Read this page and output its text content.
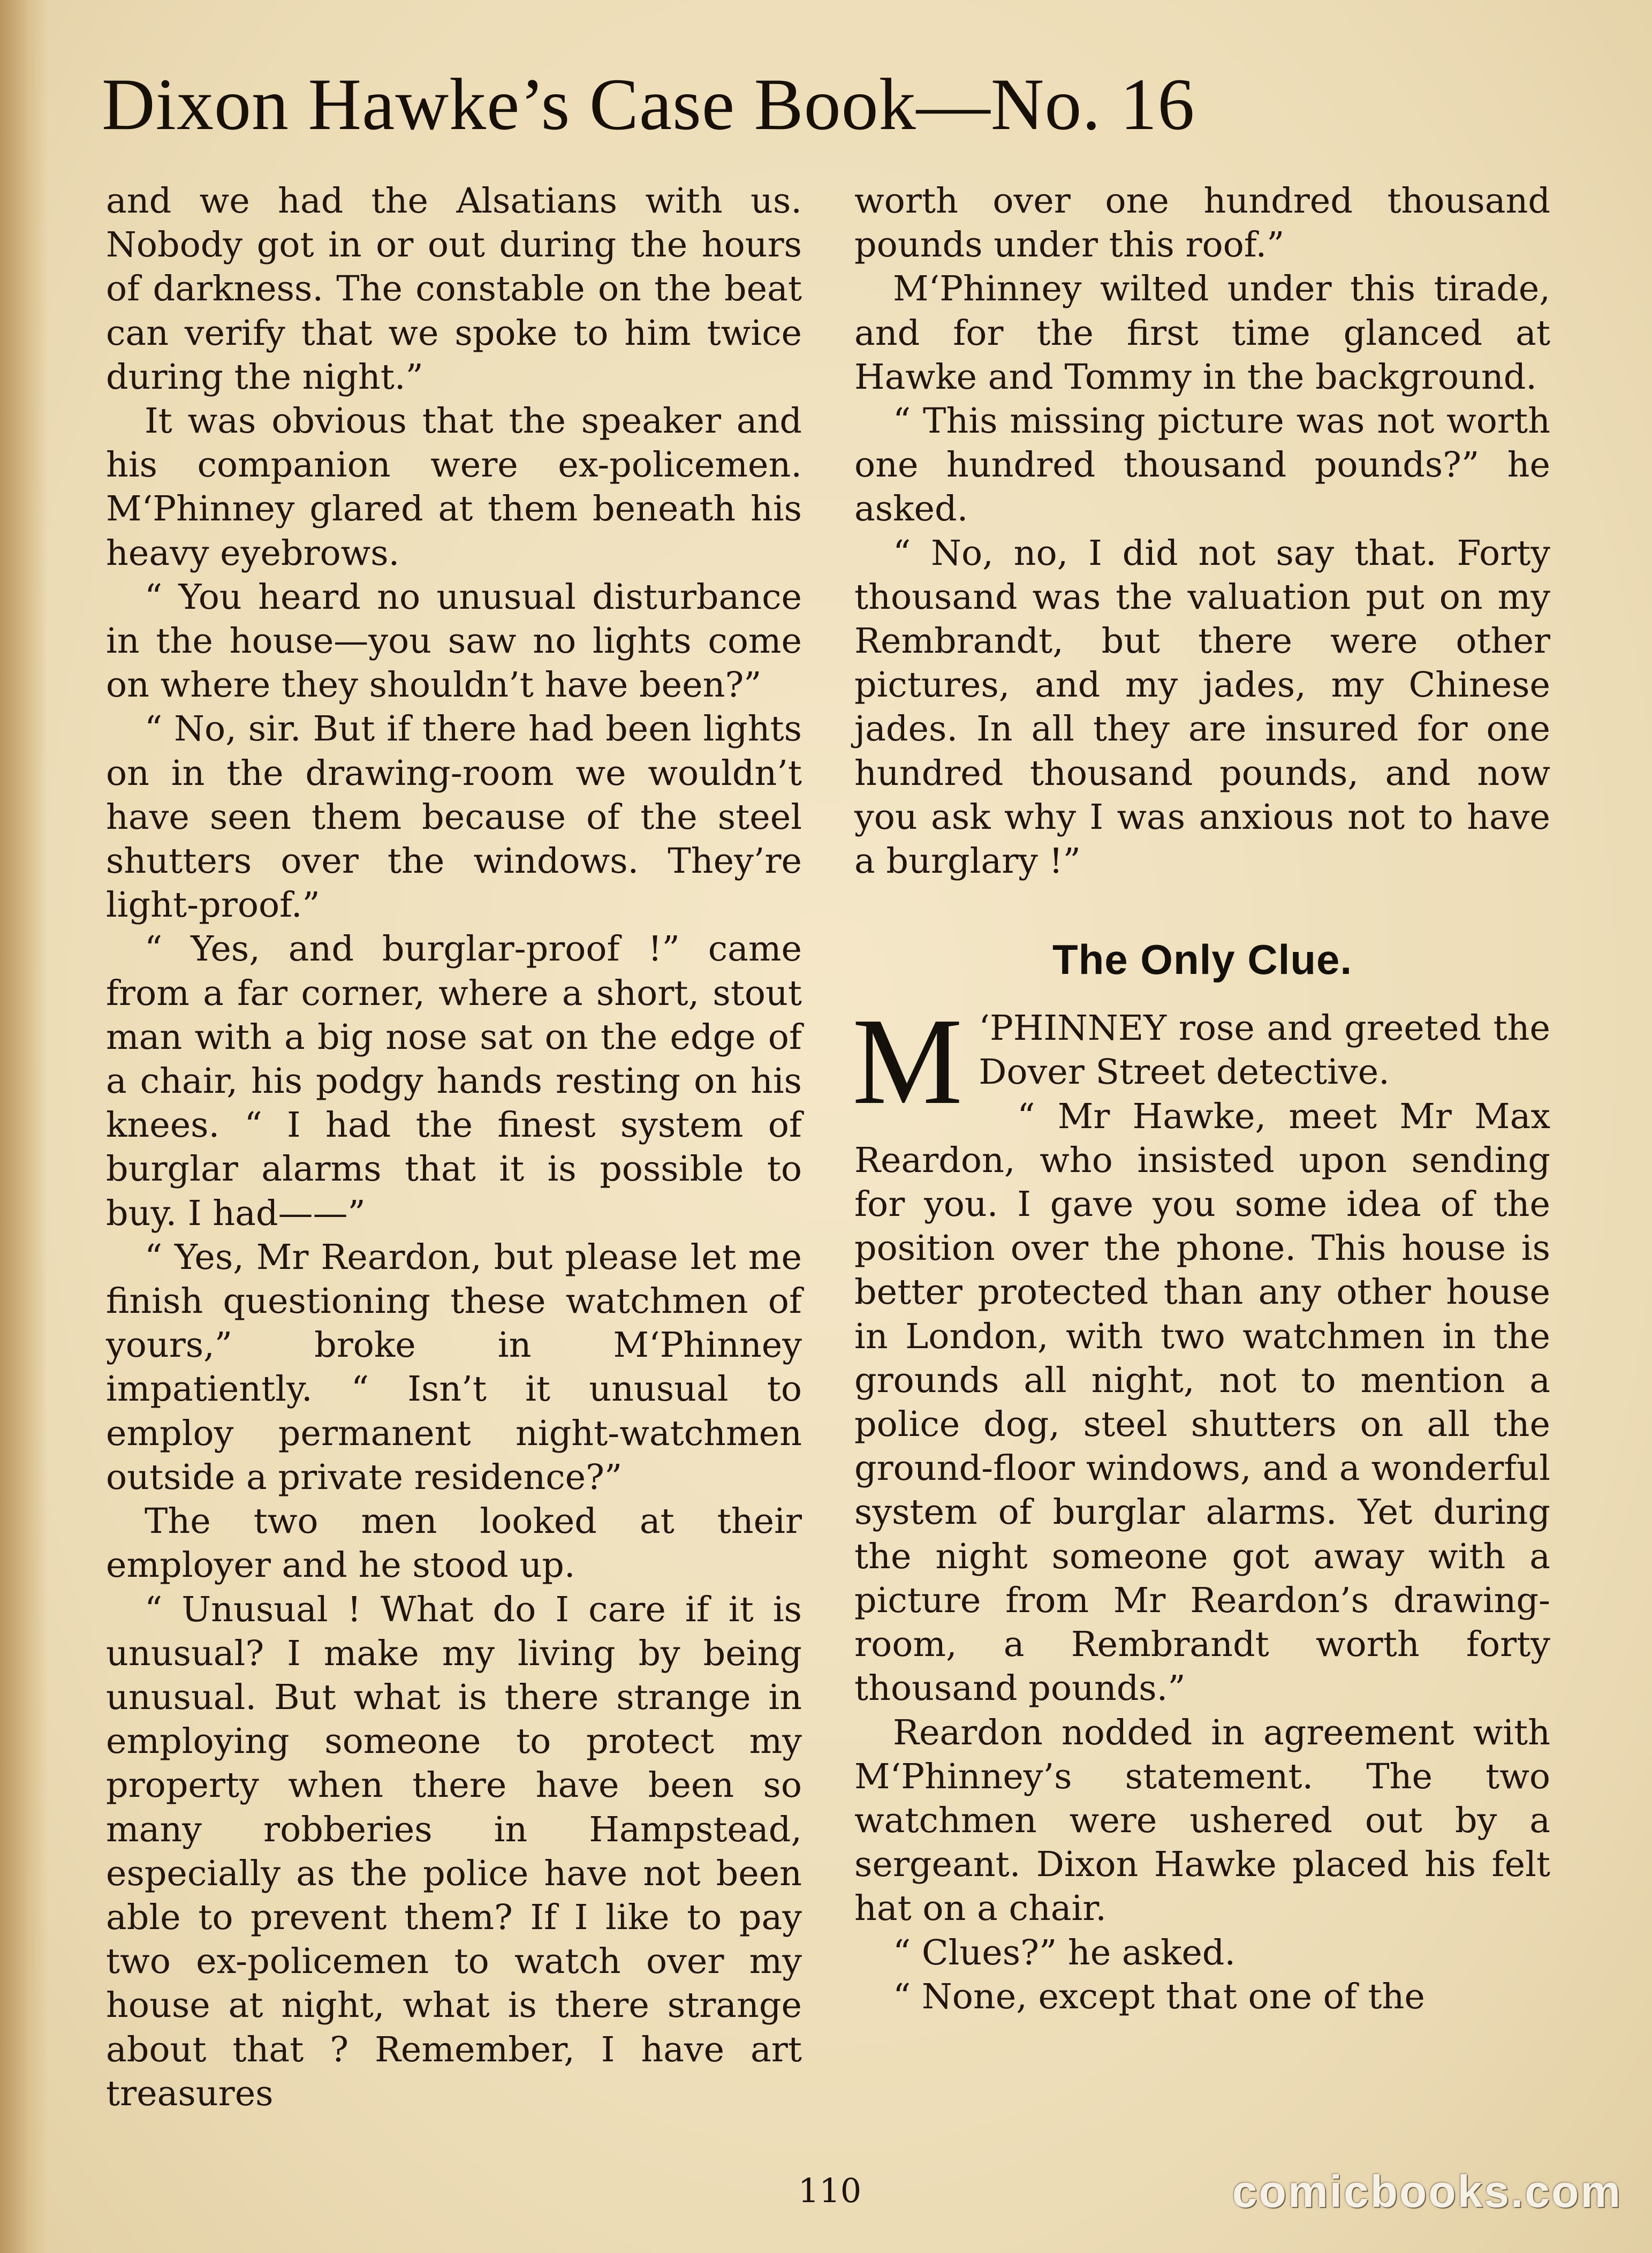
Dixon Hawke’s Case Book—No. 16

and we had the Alsatians with us. Nobody got in or out during the hours of darkness. The constable on the beat can verify that we spoke to him twice during the night.”

It was obvious that the speaker and his companion were ex-policemen. M‘Phinney glared at them beneath his heavy eyebrows.

“ You heard no unusual disturbance in the house—you saw no lights come on where they shouldn’t have been?”

“ No, sir. But if there had been lights on in the drawing-room we wouldn’t have seen them because of the steel shutters over the windows. They’re light-proof.”

“ Yes, and burglar-proof !” came from a far corner, where a short, stout man with a big nose sat on the edge of a chair, his podgy hands resting on his knees. “ I had the finest system of burglar alarms that it is possible to buy. I had——”

“ Yes, Mr Reardon, but please let me finish questioning these watchmen of yours,” broke in M‘Phinney impatiently. “ Isn’t it unusual to employ permanent night-watchmen outside a private residence?”

The two men looked at their employer and he stood up.

“ Unusual ! What do I care if it is unusual? I make my living by being unusual. But what is there strange in employing someone to protect my property when there have been so many robberies in Hampstead, especially as the police have not been able to prevent them? If I like to pay two ex-policemen to watch over my house at night, what is there strange about that ? Remember, I have art treasures

worth over one hundred thousand pounds under this roof.”

M‘Phinney wilted under this tirade, and for the first time glanced at Hawke and Tommy in the background.

“ This missing picture was not worth one hundred thousand pounds?” he asked.

“ No, no, I did not say that. Forty thousand was the valuation put on my Rembrandt, but there were other pictures, and my jades, my Chinese jades. In all they are insured for one hundred thousand pounds, and now you ask why I was anxious not to have a burglary !”

The Only Clue.

M ‘PHINNEY rose and greeted the Dover Street detective.

“ Mr Hawke, meet Mr Max Reardon, who insisted upon sending for you. I gave you some idea of the position over the phone. This house is better protected than any other house in London, with two watchmen in the grounds all night, not to mention a police dog, steel shutters on all the ground-floor windows, and a wonderful system of burglar alarms. Yet during the night someone got away with a picture from Mr Reardon’s drawing-room, a Rembrandt worth forty thousand pounds.”

Reardon nodded in agreement with M‘Phinney’s statement. The two watchmen were ushered out by a sergeant. Dixon Hawke placed his felt hat on a chair.

“ Clues?” he asked.

“ None, except that one of the

110	comicbooks.com
